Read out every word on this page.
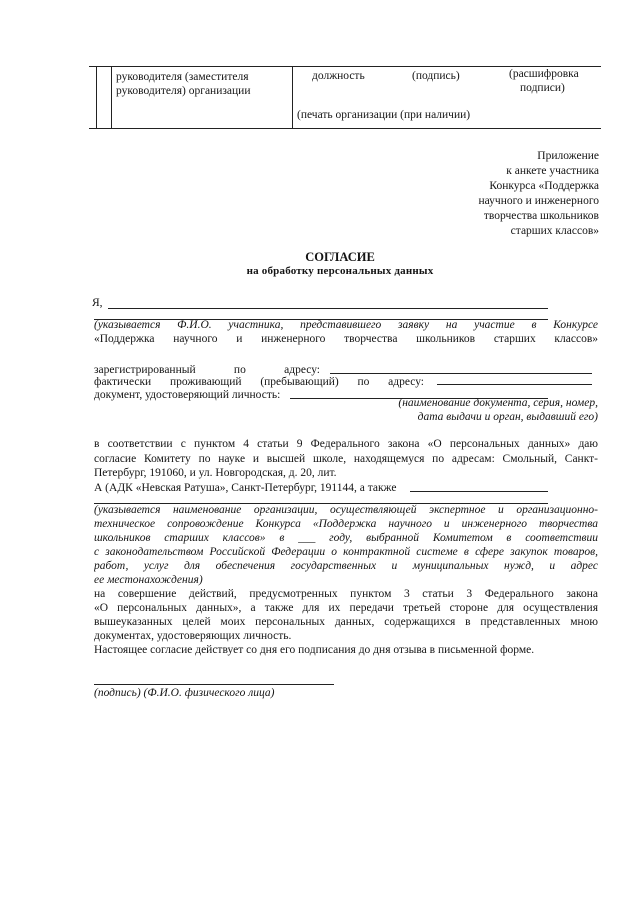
руководителя (заместителя руководителя) организации
должность	(подпись)	(расшифровка
подписи)
(печать организации (при наличии)
Приложение
к анкете участника
Конкурса «Поддержка
научного и инженерного
творчества школьников
старших классов»
СОГЛАСИЕ
на обработку персональных данных
Я,
(указывается Ф.И.О. участника, представившего заявку на участие в Конкурсе
«Поддержка научного и инженерного творчества школьников старших классов»
зарегистрированный по адресу:
фактически проживающий (пребывающий) по адресу:
документ, удостоверяющий личность:
(наименование документа, серия, номер,
дата выдачи и орган, выдавший его)
в соответствии с пунктом 4 статьи 9 Федерального закона «О персональных данных» даю
согласие Комитету по науке и высшей школе, находящемуся по адресам: Смольный, Санкт-
Петербург, 191060, и ул. Новгородская, д. 20, лит.
А (АДК «Невская Ратуша», Санкт-Петербург, 191144, а также
(указывается наименование организации, осуществляющей экспертное и организационно-
техническое сопровождение Конкурса «Поддержка научного и инженерного творчества
школьников старших классов» в ___ году, выбранной Комитетом в соответствии
с законодательством Российской Федерации о контрактной системе в сфере закупок товаров,
работ, услуг для обеспечения государственных и муниципальных нужд, и адрес
ее местонахождения)
на совершение действий, предусмотренных пунктом 3 статьи 3 Федерального закона
«О персональных данных», а также для их передачи третьей стороне для осуществления
вышеуказанных целей моих персональных данных, содержащихся в представленных мною
документах, удостоверяющих личность.
Настоящее согласие действует со дня его подписания до дня отзыва в письменной форме.
(подпись) (Ф.И.О. физического лица)
